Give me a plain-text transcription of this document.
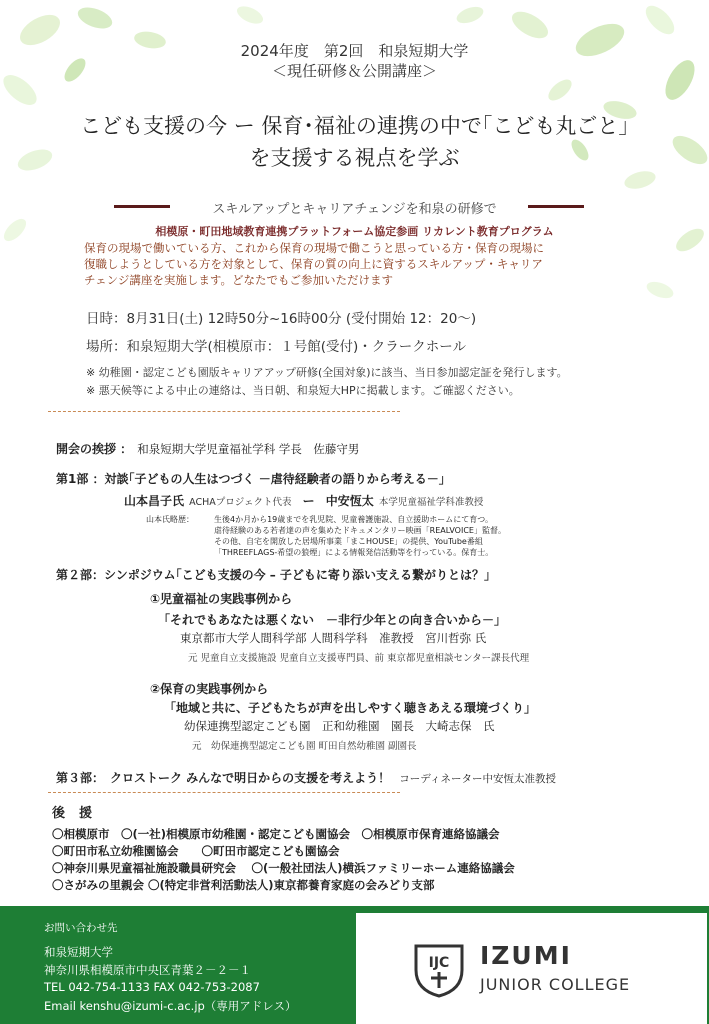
2024年度　第2回　和泉短期大学
＜現任研修＆公開講座＞
こども支援の今 ー 保育･福祉の連携の中で｢こども丸ごと｣
を支援する視点を学ぶ
スキルアップとキャリアチェンジを和泉の研修で
相模原・町田地域教育連携プラットフォーム協定参画 リカレント教育プログラム
保育の現場で働いている方、これから保育の現場で働こうと思っている方・保育の現場に
復職しようとしている方を対象として、保育の質の向上に資するスキルアップ・キャリア
チェンジ講座を実施します。どなたでもご参加いただけます
日時：8月31日(土) 12時50分~16時00分 (受付開始 12：20～)
場所：和泉短期大学(相模原市：１号館(受付)・クラークホール
※ 幼稚園・認定こども園版キャリアアップ研修(全国対象)に該当、当日参加認定証を発行します。
※ 悪天候等による中止の連絡は、当日朝、和泉短大HPに掲載します。ご確認ください。
開会の挨拶 ： 和泉短期大学児童福祉学科 学長　佐藤守男
第1部 ：対談｢子どもの人生はつづく －虐待経験者の語りから考える－｣
山本昌子氏 ACHAプロジェクト代表 ー 中安恆太 本学児童福祉学科准教授
山本氏略歴：	生後4か月から19歳までを乳児院、児童養護施設、自立援助ホームにて育つ。
虐待経験のある若者達の声を集めたドキュメンタリー映画「REALVOICE」監督。
その他、自宅を開放した居場所事業「まこHOUSE」の提供、YouTube番組
「THREEFLAGS-希望の狼煙」による情報発信活動等を行っている。保育士。
第２部：シンポジウム｢こども支援の今 – 子どもに寄り添い支える繋がりとは？｣
①児童福祉の実践事例から
｢それでもあなたは悪くない　－非行少年との向き合いから－｣
東京都市大学人間科学部 人間科学科　准教授　宮川哲弥 氏
元 児童自立支援施設 児童自立支援専門員、前 東京都児童相談センター課長代理
②保育の実践事例から
｢地域と共に、子どもたちが声を出しやすく聴きあえる環境づくり｣
幼保連携型認定こども園　正和幼稚園　園長　大崎志保　氏
元　幼保連携型認定こども園 町田自然幼稚園 副園長
第３部：　クロストーク みんなで明日からの支援を考えよう！ コーディネーター中安恆太准教授
後援
〇相模原市　〇(一社)相模原市幼稚園・認定こども園協会　〇相模原市保育連絡協議会
〇町田市私立幼稚園協会　　〇町田市認定こども園協会
〇神奈川県児童福祉施設職員研究会　 〇(一般社団法人)横浜ファミリーホーム連絡協議会
〇さがみの里親会 〇(特定非営利活動法人)東京都養育家庭の会みどり支部
お問い合わせ先
和泉短期大学
神奈川県相模原市中央区青葉２－２－１
TEL 042-754-1133 FAX 042-753-2087
Email kenshu@izumi-c.ac.jp（専用アドレス）
IJC IZUMI
JUNIOR COLLEGE
